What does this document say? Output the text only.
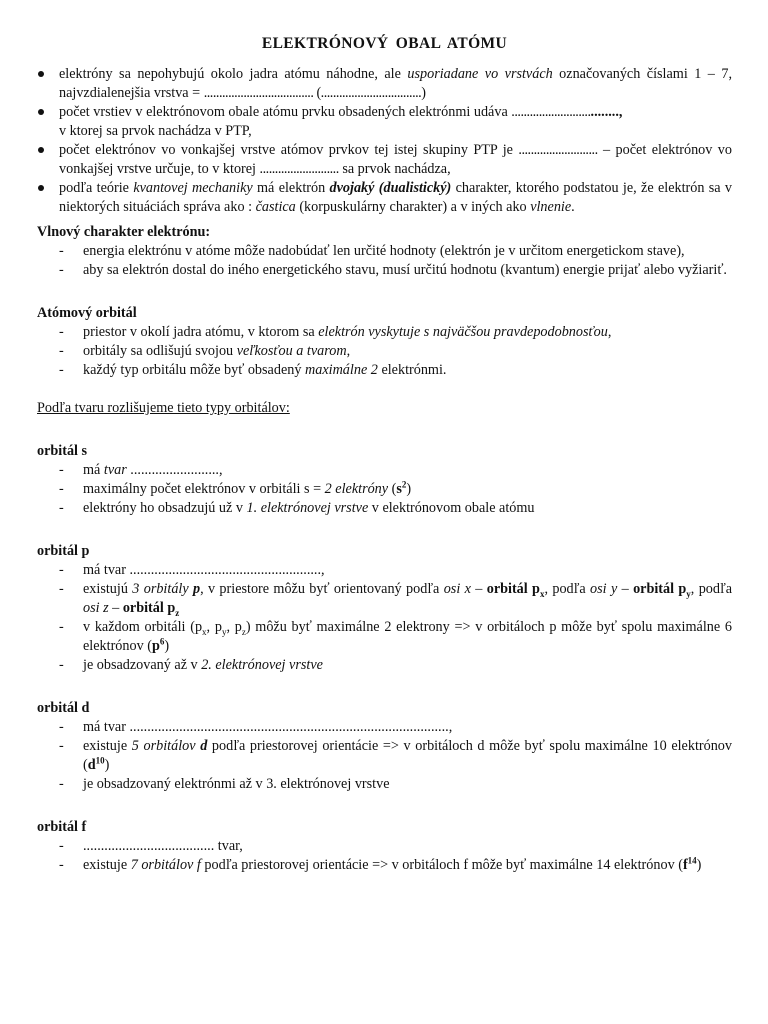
ELEKTRÓNOVÝ OBAL ATÓMU
elektróny sa nepohybujú okolo jadra atómu náhodne, ale usporiadane vo vrstvách označovaných číslami 1 – 7, najvzdialenejšia vrstva = .................................... (.................................)
počet vrstiev v elektrónovom obale atómu prvku obsadených elektrónmi udáva ..................................,
v ktorej sa prvok nachádza v PTP,
počet elektrónov vo vonkajšej vrstve atómov prvkov tej istej skupiny PTP je .......................... – počet elektrónov vo vonkajšej vrstve určuje, to v ktorej .......................... sa prvok nachádza,
podľa teórie kvantovej mechaniky má elektrón dvojaký (dualistický) charakter, ktorého podstatou je, že elektrón sa v niektorých situáciách správa ako : častica (korpuskulárny charakter) a v iných ako vlnenie.
Vlnový charakter elektrónu:
- energia elektrónu v atóme môže nadobúdať len určité hodnoty (elektrón je v určitom energetickom stave),
- aby sa elektrón dostal do iného energetického stavu, musí určitú hodnotu (kvantum) energie prijať alebo vyžiariť.
Atómový orbitál
- priestor v okolí jadra atómu, v ktorom sa elektrón vyskytuje s najväčšou pravdepodobnosťou,
- orbitály sa odlišujú svojou veľkosťou a tvarom,
- každý typ orbitálu môže byť obsadený maximálne 2 elektrónmi.
Podľa tvaru rozlišujeme tieto typy orbitálov:
orbitál s
- má tvar .........................,
- maximálny počet elektrónov v orbitáli s = 2 elektróny $(s^2)$
- elektróny ho obsadzujú už v 1. elektrónovej vrstve v elektrónovom obale atómu
orbitál p
- má tvar ......................................................,
- existujú 3 orbitály p, v priestore môžu byť orientovaný podľa osi x – orbitál $p_x$, podľa osi y – orbitál $p_y$, podľa osi z – orbitál $p_z$
- v každom orbitáli ($p_x$, $p_y$, $p_z$) môžu byť maximálne 2 elektrony => v orbitáloch p môže byť spolu maximálne 6 elektrónov $(p^6)$
- je obsadzovaný až v 2. elektrónovej vrstve
orbitál d
- má tvar ..........................................................................................,
- existuje 5 orbitálov d podľa priestorovej orientácie => v orbitáloch d môže byť spolu maximálne 10 elektrónov $(d^{10})$
- je obsadzovaný elektrónmi až v 3. elektrónovej vrstve
orbitál f
- ..................................... tvar,
- existuje 7 orbitálov f podľa priestorovej orientácie => v orbitáloch f môže byť maximálne 14 elektrónov $(f^{14})$
